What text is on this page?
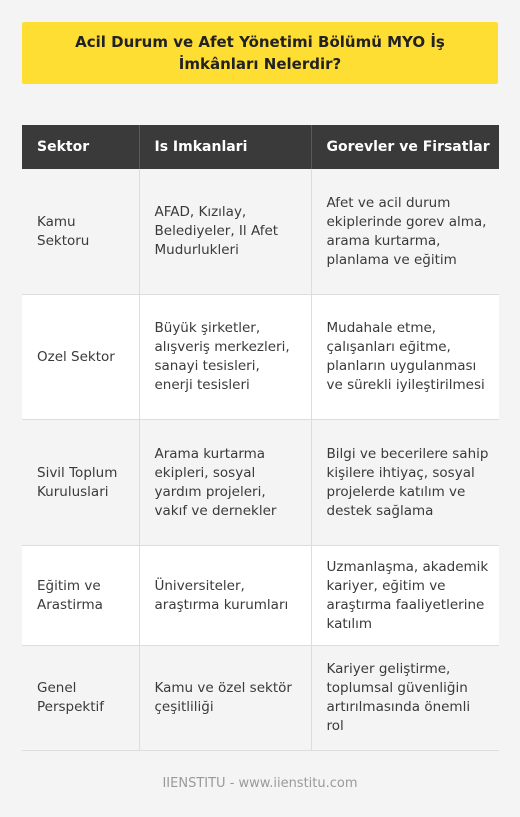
Acil Durum ve Afet Yönetimi Bölümü MYO İş İmkânları Nelerdir?
Sektor	Is Imkanlari	Gorevler ve Firsatlar
Kamu Sektoru	AFAD, Kızılay, Belediyeler, Il Afet Mudurlukleri	Afet ve acil durum ekiplerinde gorev alma, arama kurtarma, planlama ve eğitim
Ozel Sektor	Büyük şirketler, alışveriş merkezleri, sanayi tesisleri, enerji tesisleri	Mudahale etme, çalışanları eğitme, planların uygulanması ve sürekli iyileştirilmesi
Sivil Toplum Kuruluslari	Arama kurtarma ekipleri, sosyal yardım projeleri, vakıf ve dernekler	Bilgi ve becerilere sahip kişilere ihtiyaç, sosyal projelerde katılım ve destek sağlama
Eğitim ve Arastirma	Üniversiteler, araştırma kurumları	Uzmanlaşma, akademik kariyer, eğitim ve araştırma faaliyetlerine katılım
Genel Perspektif	Kamu ve özel sektör çeşitliliği	Kariyer geliştirme, toplumsal güvenliğin artırılmasında önemli rol
IIENSTITU - www.iienstitu.com
